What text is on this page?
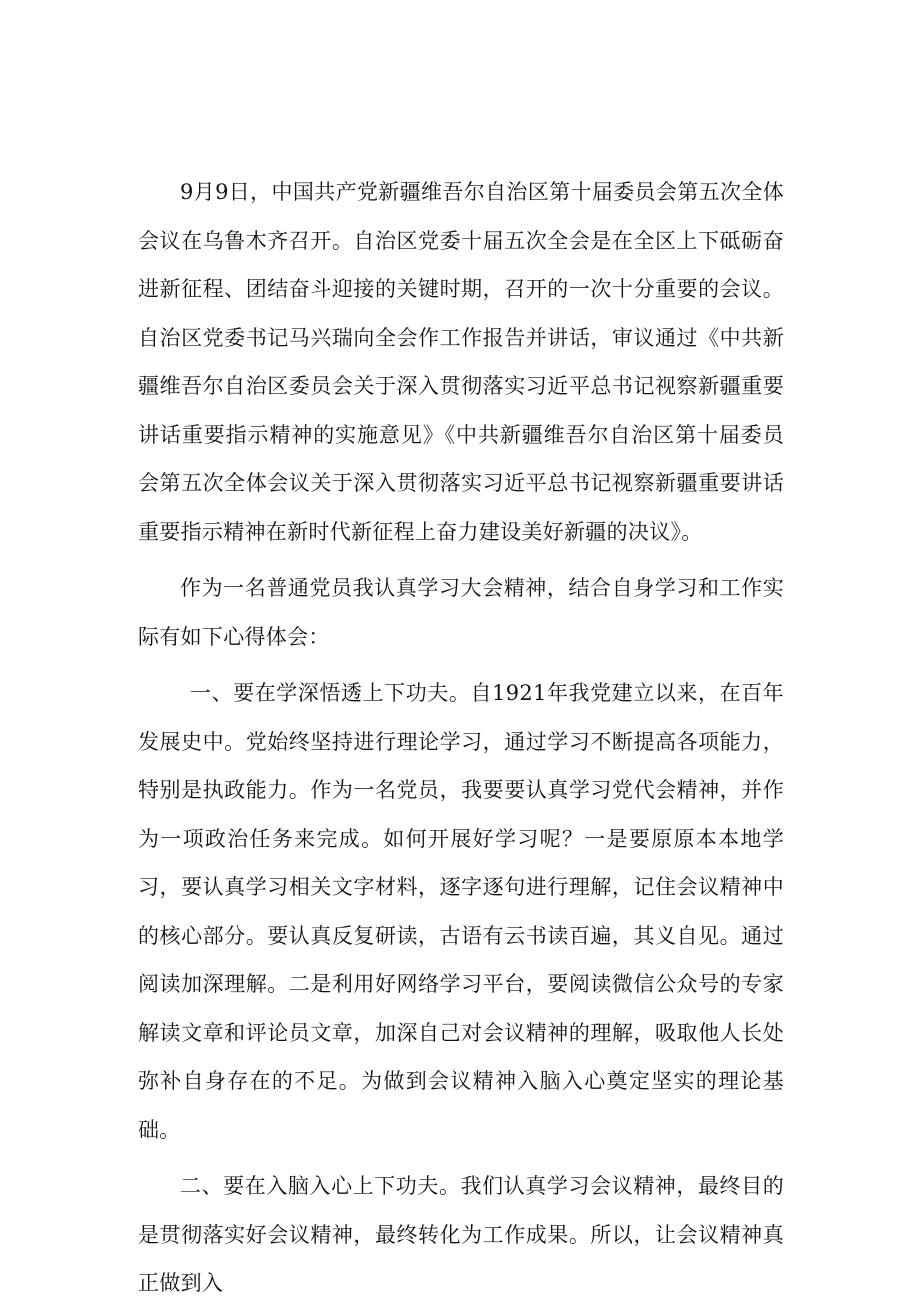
9月9日，中国共产党新疆维吾尔自治区第十届委员会第五次全体会议在乌鲁木齐召开。自治区党委十届五次全会是在全区上下砥砺奋进新征程、团结奋斗迎接的关键时期，召开的一次十分重要的会议。自治区党委书记马兴瑞向全会作工作报告并讲话，审议通过《中共新疆维吾尔自治区委员会关于深入贯彻落实习近平总书记视察新疆重要讲话重要指示精神的实施意见》《中共新疆维吾尔自治区第十届委员会第五次全体会议关于深入贯彻落实习近平总书记视察新疆重要讲话重要指示精神在新时代新征程上奋力建设美好新疆的决议》。

作为一名普通党员我认真学习大会精神，结合自身学习和工作实际有如下心得体会：

一、要在学深悟透上下功夫。自1921年我党建立以来，在百年发展史中。党始终坚持进行理论学习，通过学习不断提高各项能力，特别是执政能力。作为一名党员，我要要认真学习党代会精神，并作为一项政治任务来完成。如何开展好学习呢？一是要原原本本地学习，要认真学习相关文字材料，逐字逐句进行理解，记住会议精神中的核心部分。要认真反复研读，古语有云书读百遍，其义自见。通过阅读加深理解。二是利用好网络学习平台，要阅读微信公众号的专家解读文章和评论员文章，加深自己对会议精神的理解，吸取他人长处弥补自身存在的不足。为做到会议精神入脑入心奠定坚实的理论基础。

二、要在入脑入心上下功夫。我们认真学习会议精神，最终目的是贯彻落实好会议精神，最终转化为工作成果。所以，让会议精神真正做到入
